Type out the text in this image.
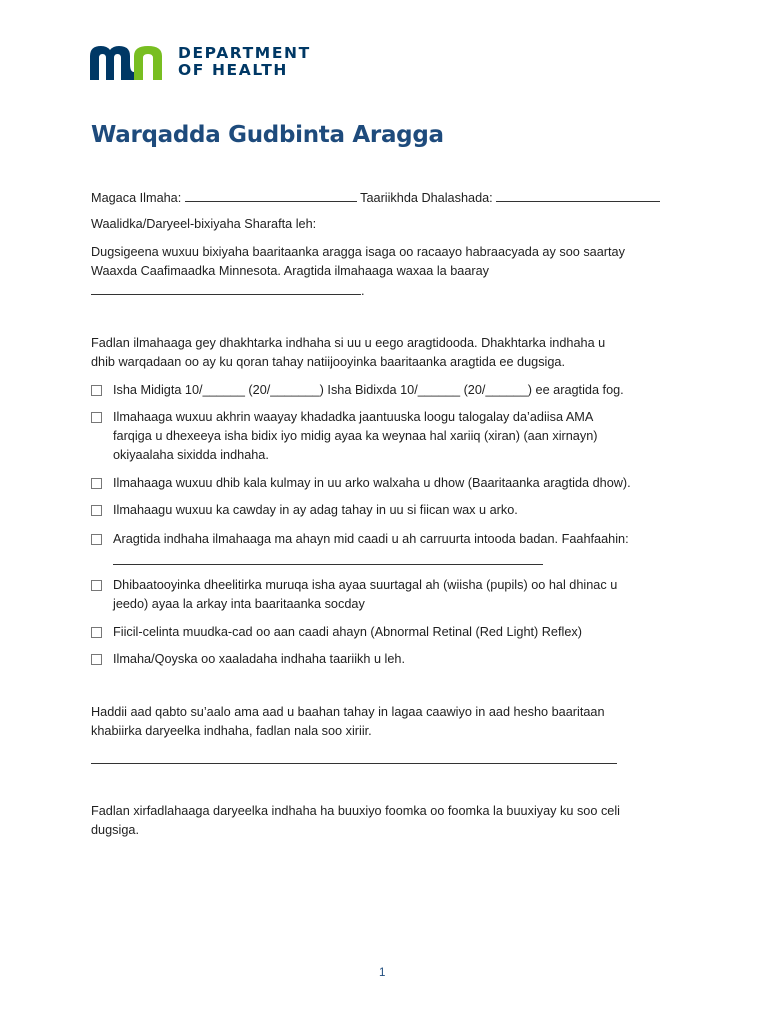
DEPARTMENT
OF HEALTH
Warqadda Gudbinta Aragga
Magaca Ilmaha:	Taariikhda Dhalashada:
Waalidka/Daryeel-bixiyaha Sharafta leh:
Dugsigeena wuxuu bixiyaha baaritaanka aragga isaga oo racaayo habraacyada ay soo saartay
Waaxda Caafimaadka Minnesota. Aragtida ilmahaaga waxaa la baaray
.
Fadlan ilmahaaga gey dhakhtarka indhaha si uu u eego aragtidooda. Dhakhtarka indhaha u
dhib warqadaan oo ay ku qoran tahay natiijooyinka baaritaanka aragtida ee dugsiga.
Isha Midigta 10/______ (20/_______) Isha Bidixda 10/______ (20/______) ee aragtida fog.
Ilmahaaga wuxuu akhrin waayay khadadka jaantuuska loogu talogalay da’adiisa AMA
farqiga u dhexeeya isha bidix iyo midig ayaa ka weynaa hal xariiq (xiran) (aan xirnayn)
okiyaalaha sixidda indhaha.
Ilmahaaga wuxuu dhib kala kulmay in uu arko walxaha u dhow (Baaritaanka aragtida dhow).
Ilmahaagu wuxuu ka cawday in ay adag tahay in uu si fiican wax u arko.
Aragtida indhaha ilmahaaga ma ahayn mid caadi u ah carruurta intooda badan. Faahfaahin:
Dhibaatooyinka dheelitirka muruqa isha ayaa suurtagal ah (wiisha (pupils) oo hal dhinac u
jeedo) ayaa la arkay inta baaritaanka socday
Fiicil-celinta muudka-cad oo aan caadi ahayn (Abnormal Retinal (Red Light) Reflex)
Ilmaha/Qoyska oo xaaladaha indhaha taariikh u leh.
Haddii aad qabto su’aalo ama aad u baahan tahay in lagaa caawiyo in aad hesho baaritaan
khabiirka daryeelka indhaha, fadlan nala soo xiriir.
Fadlan xirfadlahaaga daryeelka indhaha ha buuxiyo foomka oo foomka la buuxiyay ku soo celi
dugsiga.
1
